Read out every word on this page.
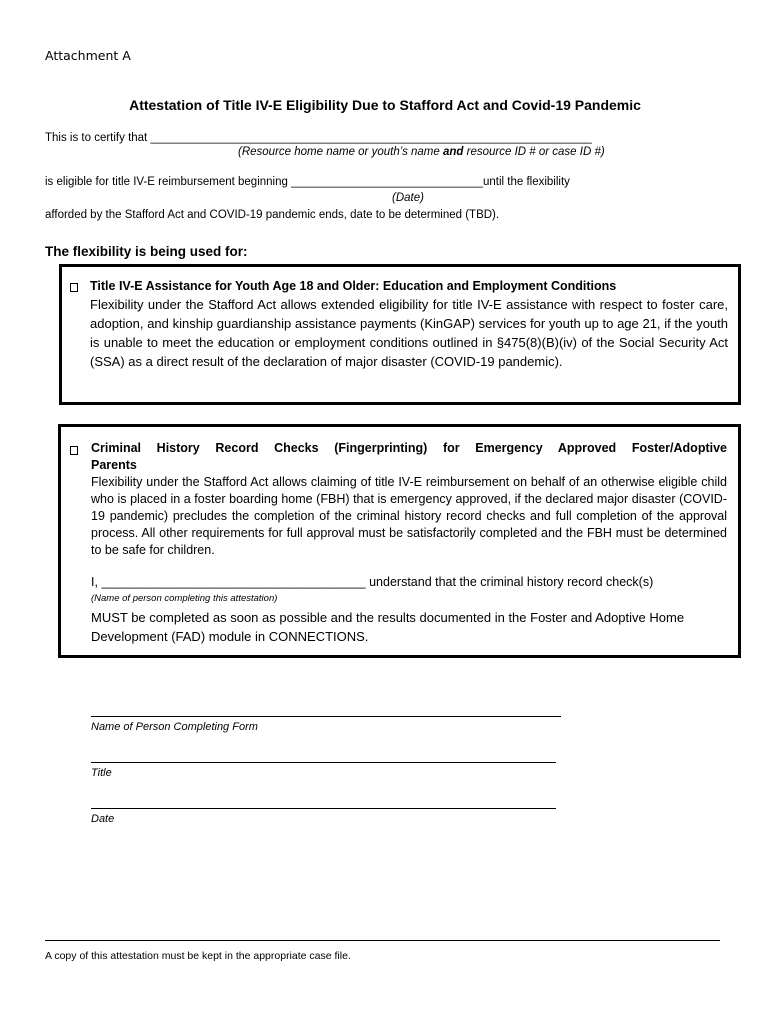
Attachment A
Attestation of Title IV-E Eligibility Due to Stafford Act and Covid-19 Pandemic
This is to certify that _____________________________________________________________________
(Resource home name or youth’s name and resource ID # or case ID #)
is eligible for title IV-E reimbursement beginning ______________________________until the flexibility
(Date)
afforded by the Stafford Act and COVID-19 pandemic ends, date to be determined (TBD).
The flexibility is being used for:
Title IV-E Assistance for Youth Age 18 and Older: Education and Employment Conditions
Flexibility under the Stafford Act allows extended eligibility for title IV-E assistance with respect to foster care, adoption, and kinship guardianship assistance payments (KinGAP) services for youth up to age 21, if the youth is unable to meet the education or employment conditions outlined in §475(8)(B)(iv) of the Social Security Act (SSA) as a direct result of the declaration of major disaster (COVID-19 pandemic).
Criminal History Record Checks (Fingerprinting) for Emergency Approved Foster/Adoptive
Parents
Flexibility under the Stafford Act allows claiming of title IV-E reimbursement on behalf of an otherwise eligible child who is placed in a foster boarding home (FBH) that is emergency approved, if the declared major disaster (COVID-19 pandemic) precludes the completion of the criminal history record checks and full completion of the approval process. All other requirements for full approval must be satisfactorily completed and the FBH must be determined to be safe for children.
I, ______________________________________ understand that the criminal history record check(s)
(Name of person completing this attestation)
MUST be completed as soon as possible and the results documented in the Foster and Adoptive Home Development (FAD) module in CONNECTIONS.
Name of Person Completing Form
Title
Date
A copy of this attestation must be kept in the appropriate case file.
